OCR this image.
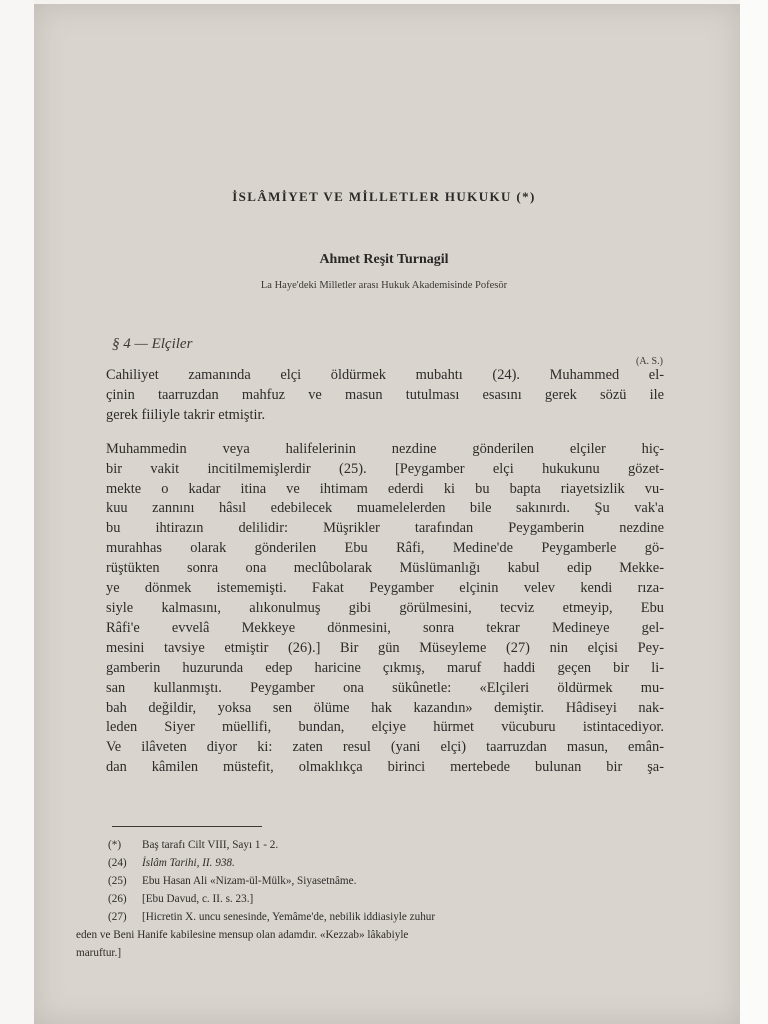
İSLÂMİYET VE MİLLETLER HUKUKU (*)
Ahmet Reşit Turnagil
La Haye'deki Milletler arası Hukuk Akademisinde Pofesör
§ 4 — Elçiler
(A. S.)
Cahiliyet zamanında elçi öldürmek mubahtı (24). Muhammed el-
çinin taarruzdan mahfuz ve masun tutulması esasını gerek sözü ile
gerek fiiliyle takrir etmiştir.
Muhammedin veya halifelerinin nezdine gönderilen elçiler hiç-
bir vakit incitilmemişlerdir (25). [Peygamber elçi hukukunu gözet-
mekte o kadar itina ve ihtimam ederdi ki bu bapta riayetsizlik vu-
kuu zannını hâsıl edebilecek muamelelerden bile sakınırdı. Şu vak'a
bu ihtirazın delilidir: Müşrikler tarafından Peygamberin nezdine
murahhas olarak gönderilen Ebu Râfi, Medine'de Peygamberle gö-
rüştükten sonra ona meclûbolarak Müslümanlığı kabul edip Mekke-
ye dönmek istememişti. Fakat Peygamber elçinin velev kendi rıza-
siyle kalmasını, alıkonulmuş gibi görülmesini, tecviz etmeyip, Ebu
Râfi'e evvelâ Mekkeye dönmesini, sonra tekrar Medineye gel-
mesini tavsiye etmiştir (26).] Bir gün Müseyleme (27) nin elçisi Pey-
gamberin huzurunda edep haricine çıkmış, maruf haddi geçen bir li-
san kullanmıştı. Peygamber ona sükûnetle: «Elçileri öldürmek mu-
bah değildir, yoksa sen ölüme hak kazandın» demiştir. Hâdiseyi nak-
leden Siyer müellifi, bundan, elçiye hürmet vücuburu istintacediyor.
Ve ilâveten diyor ki: zaten resul (yani elçi) taarruzdan masun, emân-
dan kâmilen müstefit, olmaklıkça birinci mertebede bulunan bir şa-
(*) Baş tarafı Cilt VIII, Sayı 1 - 2.
(24) İslâm Tarihi, II. 938.
(25) Ebu Hasan Ali «Nizam-ül-Mülk», Siyasetnâme.
(26) [Ebu Davud, c. II. s. 23.]
(27) [Hicretin X. uncu senesinde, Yemâme'de, nebilik iddiasiyle zuhur
eden ve Beni Hanife kabilesine mensup olan adamdır. «Kezzab» lâkabiyle
maruftur.]
